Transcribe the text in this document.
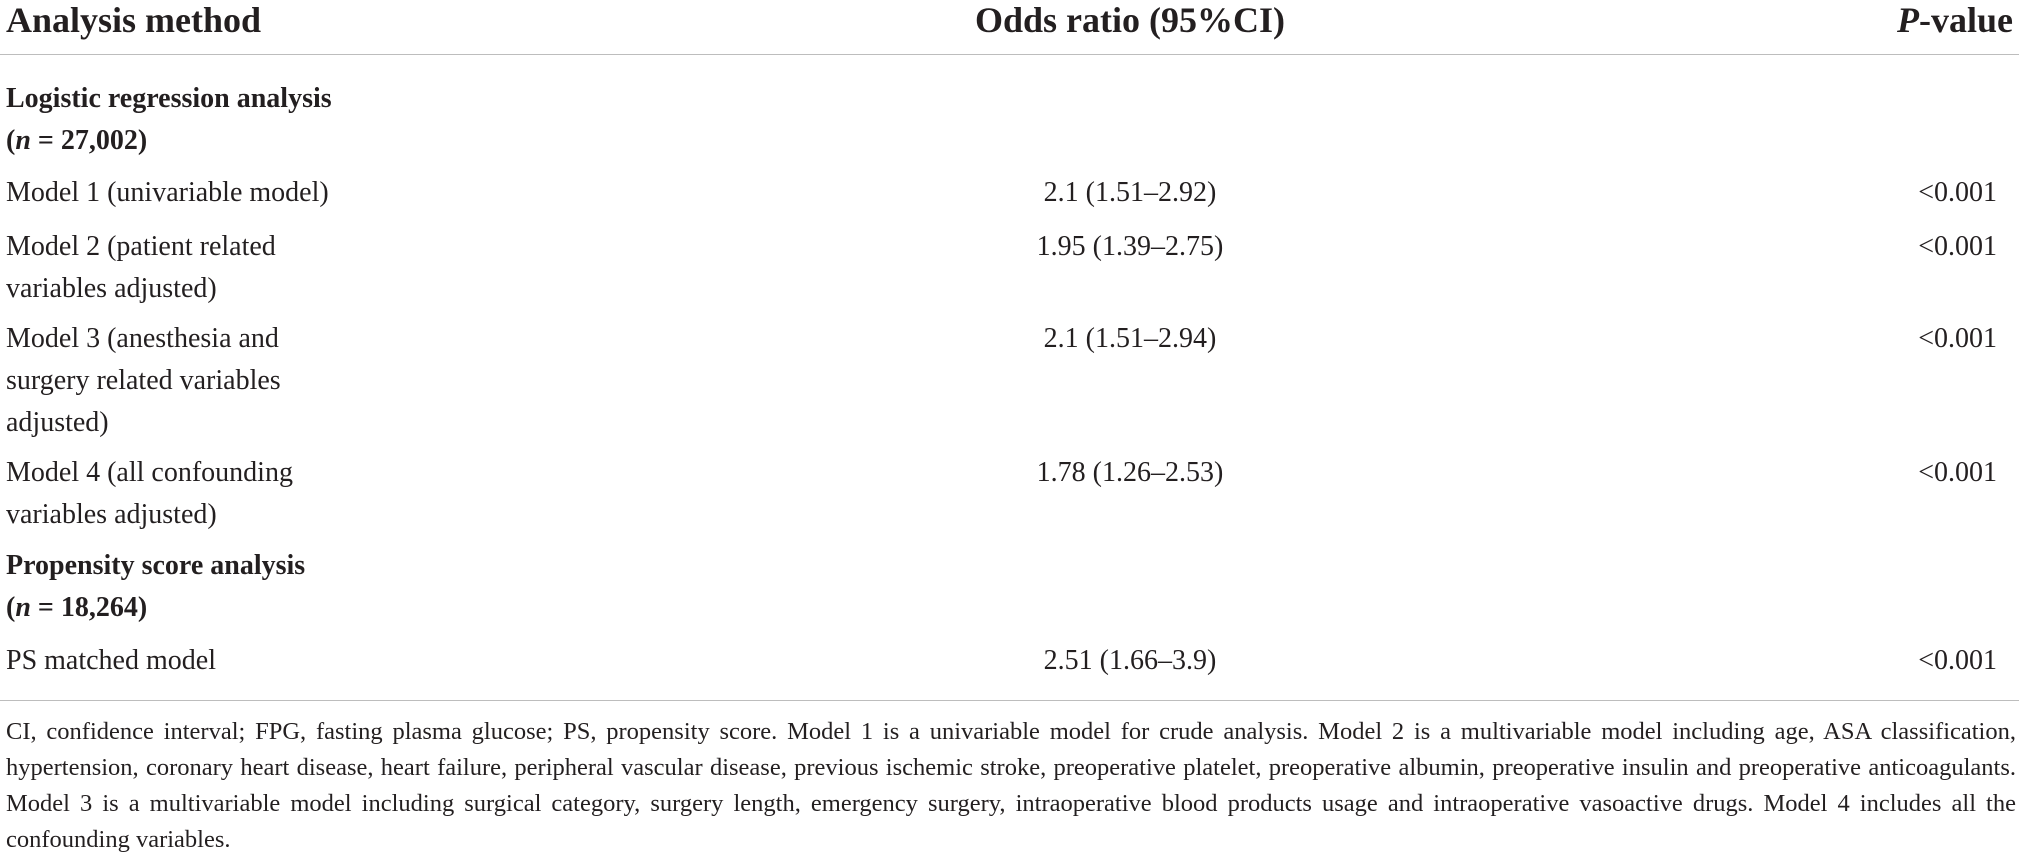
Analysis method	Odds ratio (95%CI)	P-value
Logistic regression analysis
(n = 27,002)
Model 1 (univariable model)	2.1 (1.51–2.92)	<0.001
Model 2 (patient related
variables adjusted)
1.95 (1.39–2.75)	<0.001
Model 3 (anesthesia and
surgery related variables
adjusted)
2.1 (1.51–2.94)	<0.001
Model 4 (all confounding
variables adjusted)
1.78 (1.26–2.53)	<0.001
Propensity score analysis
(n = 18,264)
PS matched model	2.51 (1.66–3.9)	<0.001
CI, confidence interval; FPG, fasting plasma glucose; PS, propensity score. Model 1 is a univariable model for crude analysis. Model 2 is a multivariable model including age, ASA classification, hypertension, coronary heart disease, heart failure, peripheral vascular disease, previous ischemic stroke, preoperative platelet, preoperative albumin, preoperative insulin and preoperative anticoagulants. Model 3 is a multivariable model including surgical category, surgery length, emergency surgery, intraoperative blood products usage and intraoperative vasoactive drugs. Model 4 includes all the confounding variables.
